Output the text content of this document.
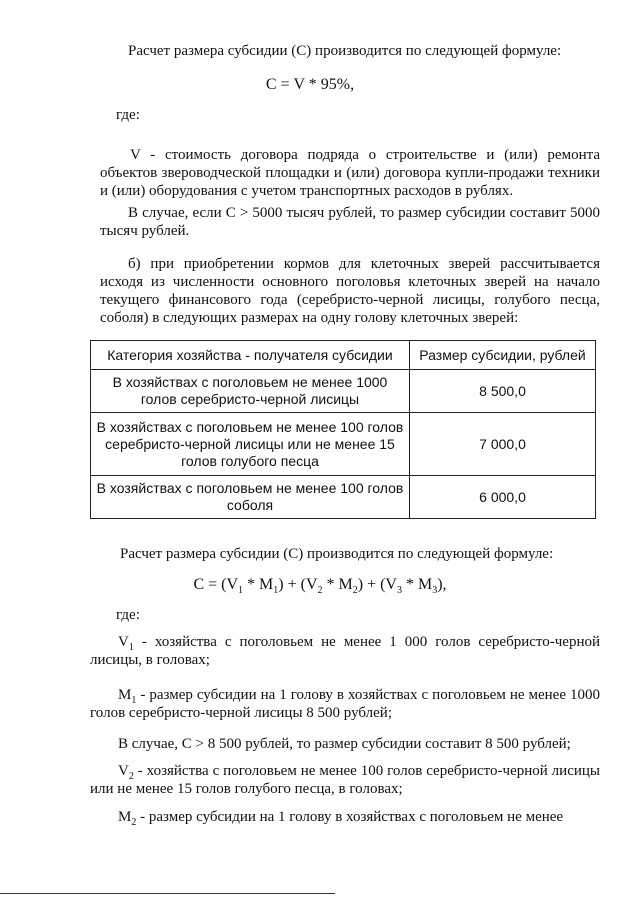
Расчет размера субсидии (С) производится по следующей формуле:

С = V * 95%,

где:

V - стоимость договора подряда о строительстве и (или) ремонта объектов звероводческой площадки и (или) договора купли-продажи техники и (или) оборудования с учетом транспортных расходов в рублях.

В случае, если С > 5000 тысяч рублей, то размер субсидии составит 5000 тысяч рублей.

б) при приобретении кормов для клеточных зверей рассчитывается исходя из численности основного поголовья клеточных зверей на начало текущего финансового года (серебристо-черной лисицы, голубого песца, соболя) в следующих размерах на одну голову клеточных зверей:

Категория хозяйства - получателя субсидии	Размер субсидии, рублей
В хозяйствах с поголовьем не менее 1000 голов серебристо-черной лисицы	8 500,0
В хозяйствах с поголовьем не менее 100 голов серебристо-черной лисицы или не менее 15 голов голубого песца	7 000,0
В хозяйствах с поголовьем не менее 100 голов соболя	6 000,0

Расчет размера субсидии (С) производится по следующей формуле:

$С = (V_1 * M_1) + (V_2 * M_2) + (V_3 * M_3)$,

где:

$V_1$ - хозяйства с поголовьем не менее 1 000 голов серебристо-черной лисицы, в головах;

$M_1$ - размер субсидии на 1 голову в хозяйствах с поголовьем не менее 1000 голов серебристо-черной лисицы 8 500 рублей;

В случае, С > 8 500 рублей, то размер субсидии составит 8 500 рублей;

$V_2$ - хозяйства с поголовьем не менее 100 голов серебристо-черной лисицы или не менее 15 голов голубого песца, в головах;

$M_2$ - размер субсидии на 1 голову в хозяйствах с поголовьем не менее
